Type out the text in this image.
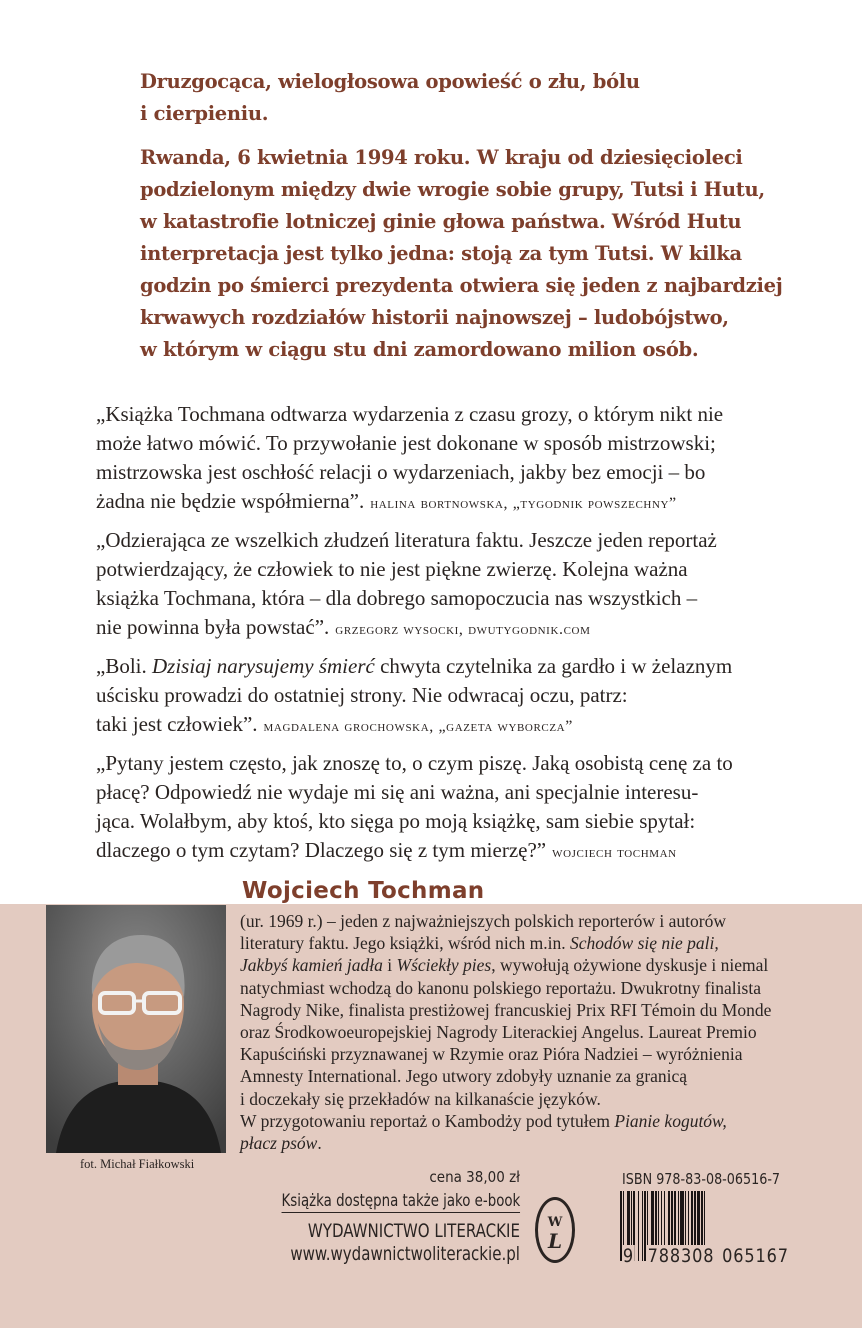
Druzgocąca, wielogłosowa opowieść o złu, bólu
i cierpieniu.
Rwanda, 6 kwietnia 1994 roku. W kraju od dziesięcioleci
podzielonym między dwie wrogie sobie grupy, Tutsi i Hutu,
w katastrofie lotniczej ginie głowa państwa. Wśród Hutu
interpretacja jest tylko jedna: stoją za tym Tutsi. W kilka
godzin po śmierci prezydenta otwiera się jeden z najbardziej
krwawych rozdziałów historii najnowszej – ludobójstwo,
w którym w ciągu stu dni zamordowano milion osób.
„Książka Tochmana odtwarza wydarzenia z czasu grozy, o którym nikt nie
może łatwo mówić. To przywołanie jest dokonane w sposób mistrzowski;
mistrzowska jest oschłość relacji o wydarzeniach, jakby bez emocji – bo
żadna nie będzie współmierna”. halina bortnowska, „tygodnik powszechny”
„Odzierająca ze wszelkich złudzeń literatura faktu. Jeszcze jeden reportaż
potwierdzający, że człowiek to nie jest piękne zwierzę. Kolejna ważna
książka Tochmana, która – dla dobrego samopoczucia nas wszystkich –
nie powinna była powstać”. grzegorz wysocki, dwutygodnik.com
„Boli. Dzisiaj narysujemy śmierć chwyta czytelnika za gardło i w żelaznym
uścisku prowadzi do ostatniej strony. Nie odwracaj oczu, patrz:
taki jest człowiek”. magdalena grochowska, „gazeta wyborcza”
„Pytany jestem często, jak znoszę to, o czym piszę. Jaką osobistą cenę za to
płacę? Odpowiedź nie wydaje mi się ani ważna, ani specjalnie interesu-
jąca. Wolałbym, aby ktoś, kto sięga po moją książkę, sam siebie spytał:
dlaczego o tym czytam? Dlaczego się z tym mierzę?” wojciech tochman
Wojciech Tochman
fot. Michał Fiałkowski
(ur. 1969 r.) – jeden z najważniejszych polskich reporterów i autorów
literatury faktu. Jego książki, wśród nich m.in. Schodów się nie pali,
Jakbyś kamień jadła i Wściekły pies, wywołują ożywione dyskusje i niemal
natychmiast wchodzą do kanonu polskiego reportażu. Dwukrotny finalista
Nagrody Nike, finalista prestiżowej francuskiej Prix RFI Témoin du Monde
oraz Środkowoeuropejskiej Nagrody Literackiej Angelus. Laureat Premio
Kapuściński przyznawanej w Rzymie oraz Pióra Nadziei – wyróżnienia
Amnesty International. Jego utwory zdobyły uznanie za granicą
i doczekały się przekładów na kilkanaście języków.
W przygotowaniu reportaż o Kambodży pod tytułem Pianie kogutów,
płacz psów.
cena 38,00 zł
Książka dostępna także jako e-book
WYDAWNICTWO LITERACKIE
www.wydawnictwoliterackie.pl
W
L
ISBN 978-83-08-06516-7
9 788308 065167
